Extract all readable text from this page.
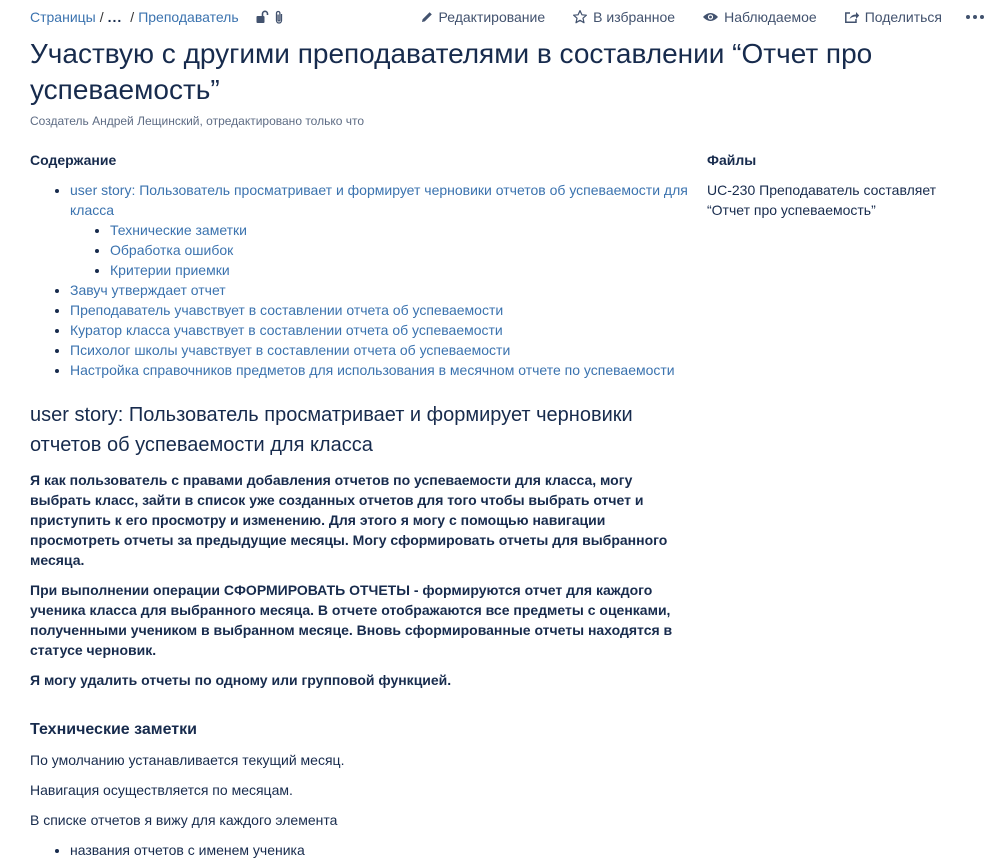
Страницы / ... / Преподаватель	Редактирование	В избранное	Наблюдаемое	Поделиться
Участвую с другими преподавателями в составлении “Отчет про успеваемость”
Создатель Андрей Лещинский, отредактировано только что
Содержание
• user story: Пользователь просматривает и формирует черновики отчетов об успеваемости для класса
• Технические заметки
• Обработка ошибок
• Критерии приемки
• Завуч утверждает отчет
• Преподаватель учавствует в составлении отчета об успеваемости
• Куратор класса учавствует в составлении отчета об успеваемости
• Психолог школы учавствует в составлении отчета об успеваемости
• Настройка справочников предметов для использования в месячном отчете по успеваемости
user story: Пользователь просматривает и формирует черновики отчетов об успеваемости для класса

Я как пользователь с правами добавления отчетов по успеваемости для класса, могу выбрать класс, зайти в список уже созданных отчетов для того чтобы выбрать отчет и приступить к его просмотру и изменению. Для этого я могу с помощью навигации просмотреть отчеты за предыдущие месяцы. Могу сформировать отчеты для выбранного месяца.

При выполнении операции СФОРМИРОВАТЬ ОТЧЕТЫ - формируются отчет для каждого ученика класса для выбранного месяца. В отчете отображаются все предметы с оценками, полученными учеником в выбранном месяце. Вновь сформированные отчеты находятся в статусе черновик.

Я могу удалить отчеты по одному или групповой функцией.

Технические заметки

По умолчанию устанавливается текущий месяц.

Навигация осуществляется по месяцам.

В списке отчетов я вижу для каждого элемента

• названия отчетов с именем ученика
Файлы
UC-230 Преподаватель составляет “Отчет про успеваемость”
